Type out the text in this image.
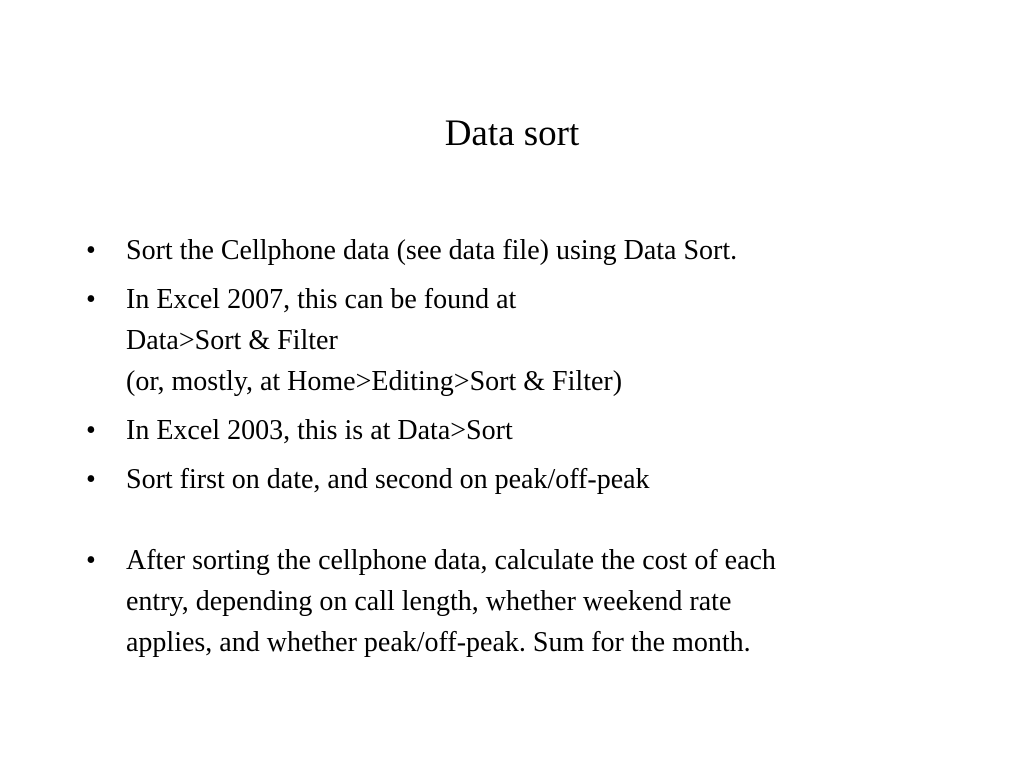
Data sort
•	Sort the Cellphone data (see data file) using Data Sort.
•	In Excel 2007, this can be found at
Data>Sort & Filter
(or, mostly, at Home>Editing>Sort & Filter)
•	In Excel 2003, this is at Data>Sort
•	Sort first on date, and second on peak/off-peak
•	After sorting the cellphone data, calculate the cost of each
entry, depending on call length, whether weekend rate
applies, and whether peak/off-peak. Sum for the month.
